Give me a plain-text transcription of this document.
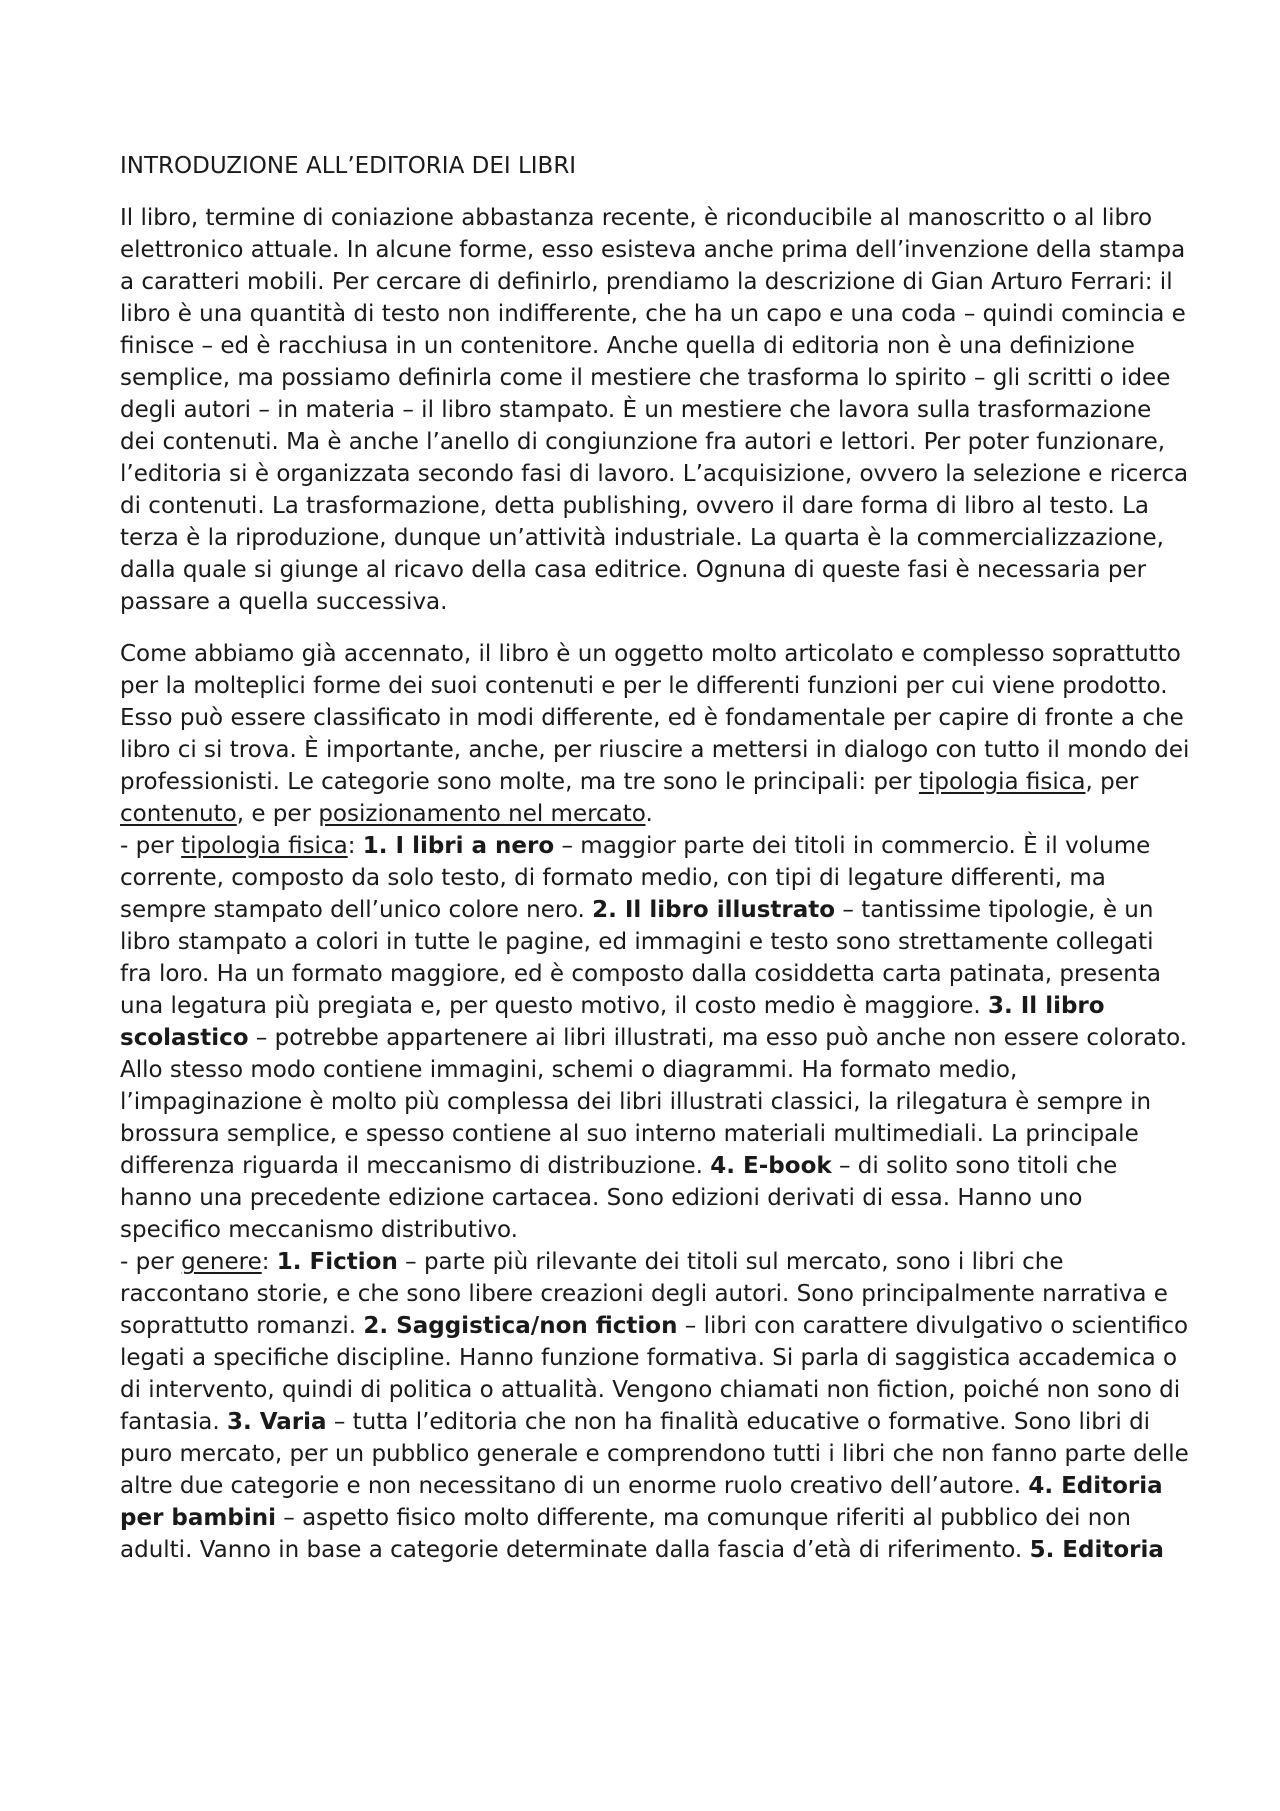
INTRODUZIONE ALL’EDITORIA DEI LIBRI

Il libro, termine di coniazione abbastanza recente, è riconducibile al manoscritto o al libro elettronico attuale. In alcune forme, esso esisteva anche prima dell’invenzione della stampa a caratteri mobili. Per cercare di definirlo, prendiamo la descrizione di Gian Arturo Ferrari: il libro è una quantità di testo non indifferente, che ha un capo e una coda – quindi comincia e finisce – ed è racchiusa in un contenitore. Anche quella di editoria non è una definizione semplice, ma possiamo definirla come il mestiere che trasforma lo spirito – gli scritti o idee degli autori – in materia – il libro stampato. È un mestiere che lavora sulla trasformazione dei contenuti. Ma è anche l’anello di congiunzione fra autori e lettori. Per poter funzionare, l’editoria si è organizzata secondo fasi di lavoro. L’acquisizione, ovvero la selezione e ricerca di contenuti. La trasformazione, detta publishing, ovvero il dare forma di libro al testo. La terza è la riproduzione, dunque un’attività industriale. La quarta è la commercializzazione, dalla quale si giunge al ricavo della casa editrice. Ognuna di queste fasi è necessaria per passare a quella successiva.

Come abbiamo già accennato, il libro è un oggetto molto articolato e complesso soprattutto per la molteplici forme dei suoi contenuti e per le differenti funzioni per cui viene prodotto. Esso può essere classificato in modi differente, ed è fondamentale per capire di fronte a che libro ci si trova. È importante, anche, per riuscire a mettersi in dialogo con tutto il mondo dei professionisti. Le categorie sono molte, ma tre sono le principali: per tipologia fisica, per contenuto, e per posizionamento nel mercato.

- per tipologia fisica: 1. I libri a nero – maggior parte dei titoli in commercio. È il volume corrente, composto da solo testo, di formato medio, con tipi di legature differenti, ma sempre stampato dell’unico colore nero. 2. Il libro illustrato – tantissime tipologie, è un libro stampato a colori in tutte le pagine, ed immagini e testo sono strettamente collegati fra loro. Ha un formato maggiore, ed è composto dalla cosiddetta carta patinata, presenta una legatura più pregiata e, per questo motivo, il costo medio è maggiore. 3. Il libro scolastico – potrebbe appartenere ai libri illustrati, ma esso può anche non essere colorato. Allo stesso modo contiene immagini, schemi o diagrammi. Ha formato medio, l’impaginazione è molto più complessa dei libri illustrati classici, la rilegatura è sempre in brossura semplice, e spesso contiene al suo interno materiali multimediali. La principale differenza riguarda il meccanismo di distribuzione. 4. E-book – di solito sono titoli che hanno una precedente edizione cartacea. Sono edizioni derivati di essa. Hanno uno specifico meccanismo distributivo.

- per genere: 1. Fiction – parte più rilevante dei titoli sul mercato, sono i libri che raccontano storie, e che sono libere creazioni degli autori. Sono principalmente narrativa e soprattutto romanzi. 2. Saggistica/non fiction – libri con carattere divulgativo o scientifico legati a specifiche discipline. Hanno funzione formativa. Si parla di saggistica accademica o di intervento, quindi di politica o attualità. Vengono chiamati non fiction, poiché non sono di fantasia. 3. Varia – tutta l’editoria che non ha finalità educative o formative. Sono libri di puro mercato, per un pubblico generale e comprendono tutti i libri che non fanno parte delle altre due categorie e non necessitano di un enorme ruolo creativo dell’autore. 4. Editoria per bambini – aspetto fisico molto differente, ma comunque riferiti al pubblico dei non adulti. Vanno in base a categorie determinate dalla fascia d’età di riferimento. 5. Editoria
